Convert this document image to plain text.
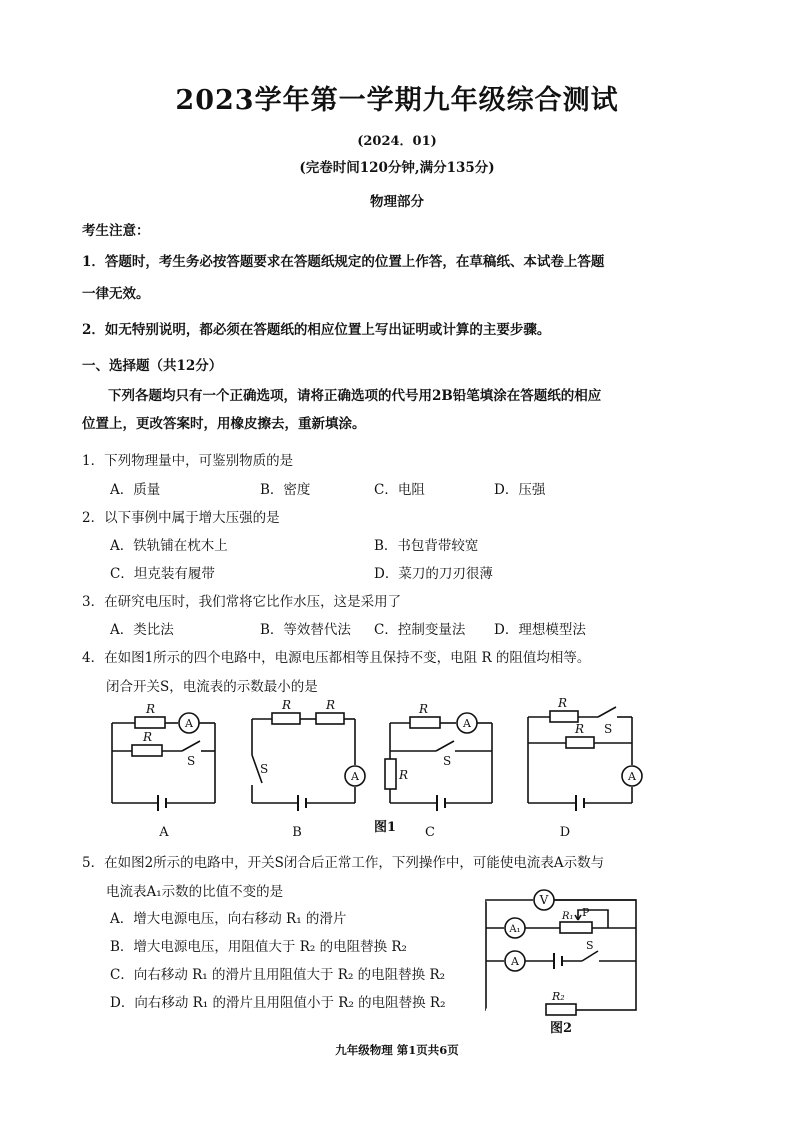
2023学年第一学期九年级综合测试
(2024．01)
(完卷时间120分钟,满分135分)
物理部分
考生注意：
1．答题时，考生务必按答题要求在答题纸规定的位置上作答，在草稿纸、本试卷上答题
一律无效。
2．如无特别说明，都必须在答题纸的相应位置上写出证明或计算的主要步骤。
一、选择题（共12分）
下列各题均只有一个正确选项，请将正确选项的代号用2B铅笔填涂在答题纸的相应
位置上，更改答案时，用橡皮擦去，重新填涂。
1．下列物理量中，可鉴别物质的是
A．质量	B．密度	C．电阻	D．压强
2．以下事例中属于增大压强的是
A．铁轨铺在枕木上	B．书包背带较宽
C．坦克装有履带	D．菜刀的刀刃很薄
3．在研究电压时，我们常将它比作水压，这是采用了
A．类比法	B．等效替代法 C．控制变量法 D．理想模型法
4．在如图1所示的四个电路中，电源电压都相等且保持不变，电阻 R 的阻值均相等。
闭合开关S，电流表的示数最小的是
A
A
A
A
R
R
S
R	R
S
R
R
S
R
R S
A	B	图1 C	D
5．在如图2所示的电路中，开关S闭合后正常工作，下列操作中，可能使电流表A示数与
电流表A₁示数的比值不变的是
A．增大电源电压，向右移动 R₁ 的滑片
B．增大电源电压，用阻值大于 R₂ 的电阻替换 R₂
C．向右移动 R₁ 的滑片且用阻值大于 R₂ 的电阻替换 R₂
D．向右移动 R₁ 的滑片且用阻值小于 R₂ 的电阻替换 R₂
V
A₁
A
R₁ P
S
R₂
图2
九年级物理 第1页共6页
